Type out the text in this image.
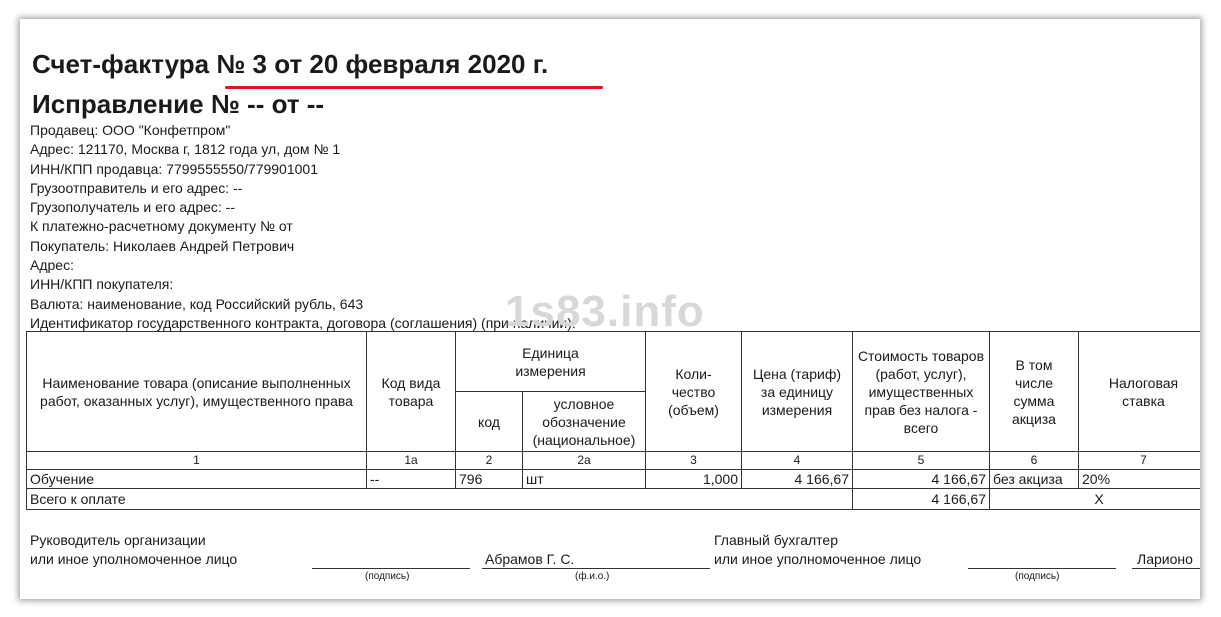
Счет-фактура № 3 от 20 февраля 2020 г.
Исправление № -- от --
Продавец: ООО "Конфетпром"
Адрес: 121170, Москва г, 1812 года ул, дом № 1
ИНН/КПП продавца: 7799555550/779901001
Грузоотправитель и его адрес: --
Грузополучатель и его адрес: --
К платежно-расчетному документу № от
Покупатель: Николаев Андрей Петрович
Адрес:
ИНН/КПП покупателя:
Валюта: наименование, код Российский рубль, 643
Идентификатор государственного контракта, договора (соглашения) (при наличии):
1s83.info
Наименование товара (описание выполненных работ, оказанных услуг), имущественного права	Код вида товара	Единица измерения		Коли-чество (объем)	Цена (тариф) за единицу измерения	Стоимость товаров (работ, услуг), имущественных прав без налога - всего	В том числе сумма акциза	Налоговая ставка
		код	условное обозначение (национальное)					
1	1а	2	2а	3	4	5	6	7
Обучение	--	796	шт	1,000	4 166,67	4 166,67	без акциза	20%
Всего к оплате						4 166,67	X	
Руководитель организации
или иное уполномоченное лицо
(подпись)
Абрамов Г. С.
(ф.и.о.)
Главный бухгалтер
или иное уполномоченное лицо
(подпись)
Ларионо
